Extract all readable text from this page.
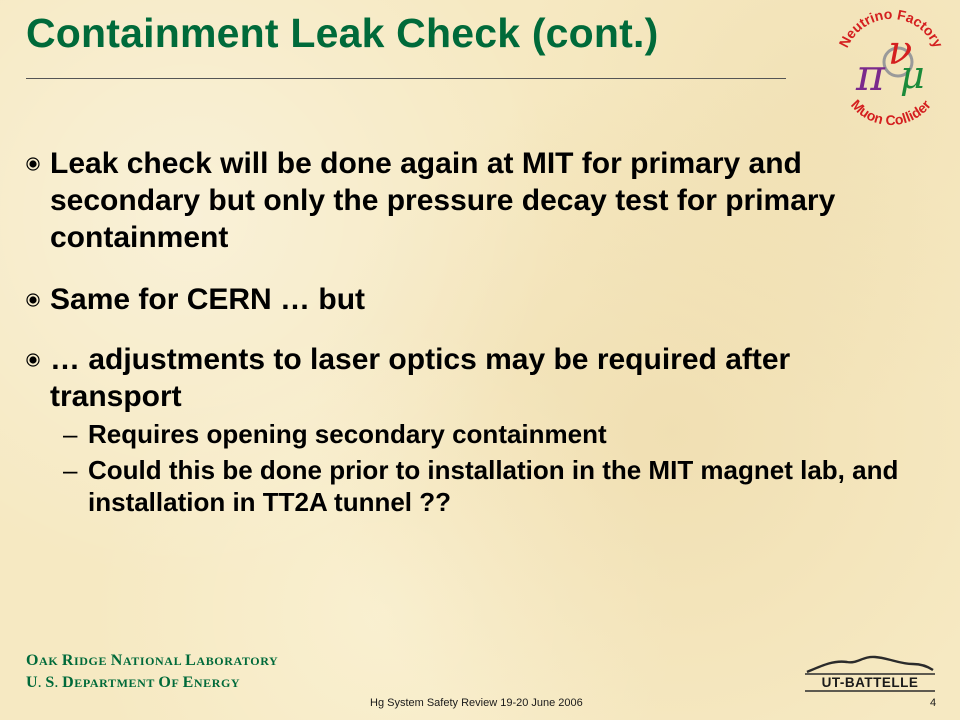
Containment Leak Check (cont.)	Neutrino Factory
Muon Collider
π ν
μ
Leak check will be done again at MIT for primary and secondary but only the pressure decay test for primary containment
Same for CERN … but
… adjustments to laser optics may be required after transport
– Requires opening secondary containment
– Could this be done prior to installation in the MIT magnet lab, and installation in TT2A tunnel ??
OAK RIDGE NATIONAL LABORATORY
U. S. DEPARTMENT OF ENERGY
Hg System Safety Review 19-20 June 2006	4
UT-BATTELLE
